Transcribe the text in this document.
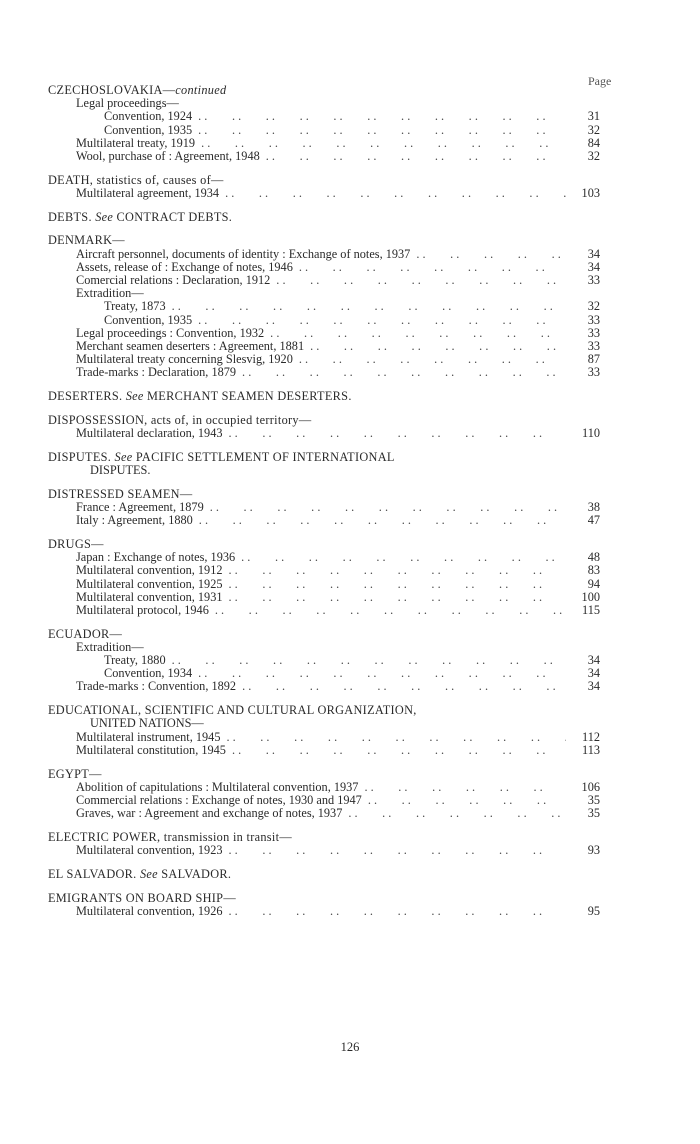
Page
CZECHOSLOVAKIA—continued
Legal proceedings—
Convention, 1924 . .	31
Convention, 1935 . .	32
Multilateral treaty, 1919 . .	84
Wool, purchase of : Agreement, 1948 . .	32
DEATH, statistics of, causes of—
Multilateral agreement, 1934 . .	103
DEBTS. See CONTRACT DEBTS.
DENMARK—
Aircraft personnel, documents of identity : Exchange of notes, 1937 . .	34
Assets, release of : Exchange of notes, 1946 . .	34
Comercial relations : Declaration, 1912 . .	33
Extradition—
Treaty, 1873 . .	32
Convention, 1935 . .	33
Legal proceedings : Convention, 1932 . .	33
Merchant seamen deserters : Agreement, 1881 . .	33
Multilateral treaty concerning Slesvig, 1920 . .	87
Trade-marks : Declaration, 1879 . .	33
DESERTERS. See MERCHANT SEAMEN DESERTERS.
DISPOSSESSION, acts of, in occupied territory—
Multilateral declaration, 1943 . .	110
DISPUTES. See PACIFIC SETTLEMENT OF INTERNATIONAL
DISPUTES.
DISTRESSED SEAMEN—
France : Agreement, 1879 . .	38
Italy : Agreement, 1880 . .	47
DRUGS—
Japan : Exchange of notes, 1936 . .	48
Multilateral convention, 1912 . .	83
Multilateral convention, 1925 . .	94
Multilateral convention, 1931 . .	100
Multilateral protocol, 1946 . .	115
ECUADOR—
Extradition—
Treaty, 1880 . .	34
Convention, 1934 . .	34
Trade-marks : Convention, 1892 . .	34
EDUCATIONAL, SCIENTIFIC AND CULTURAL ORGANIZATION,
UNITED NATIONS—
Multilateral instrument, 1945 . .	112
Multilateral constitution, 1945 . .	113
EGYPT—
Abolition of capitulations : Multilateral convention, 1937 . .	106
Commercial relations : Exchange of notes, 1930 and 1947 . .	35
Graves, war : Agreement and exchange of notes, 1937 . .	35
ELECTRIC POWER, transmission in transit—
Multilateral convention, 1923 . .	93
EL SALVADOR. See SALVADOR.
EMIGRANTS ON BOARD SHIP—
Multilateral convention, 1926 . .	95
126
